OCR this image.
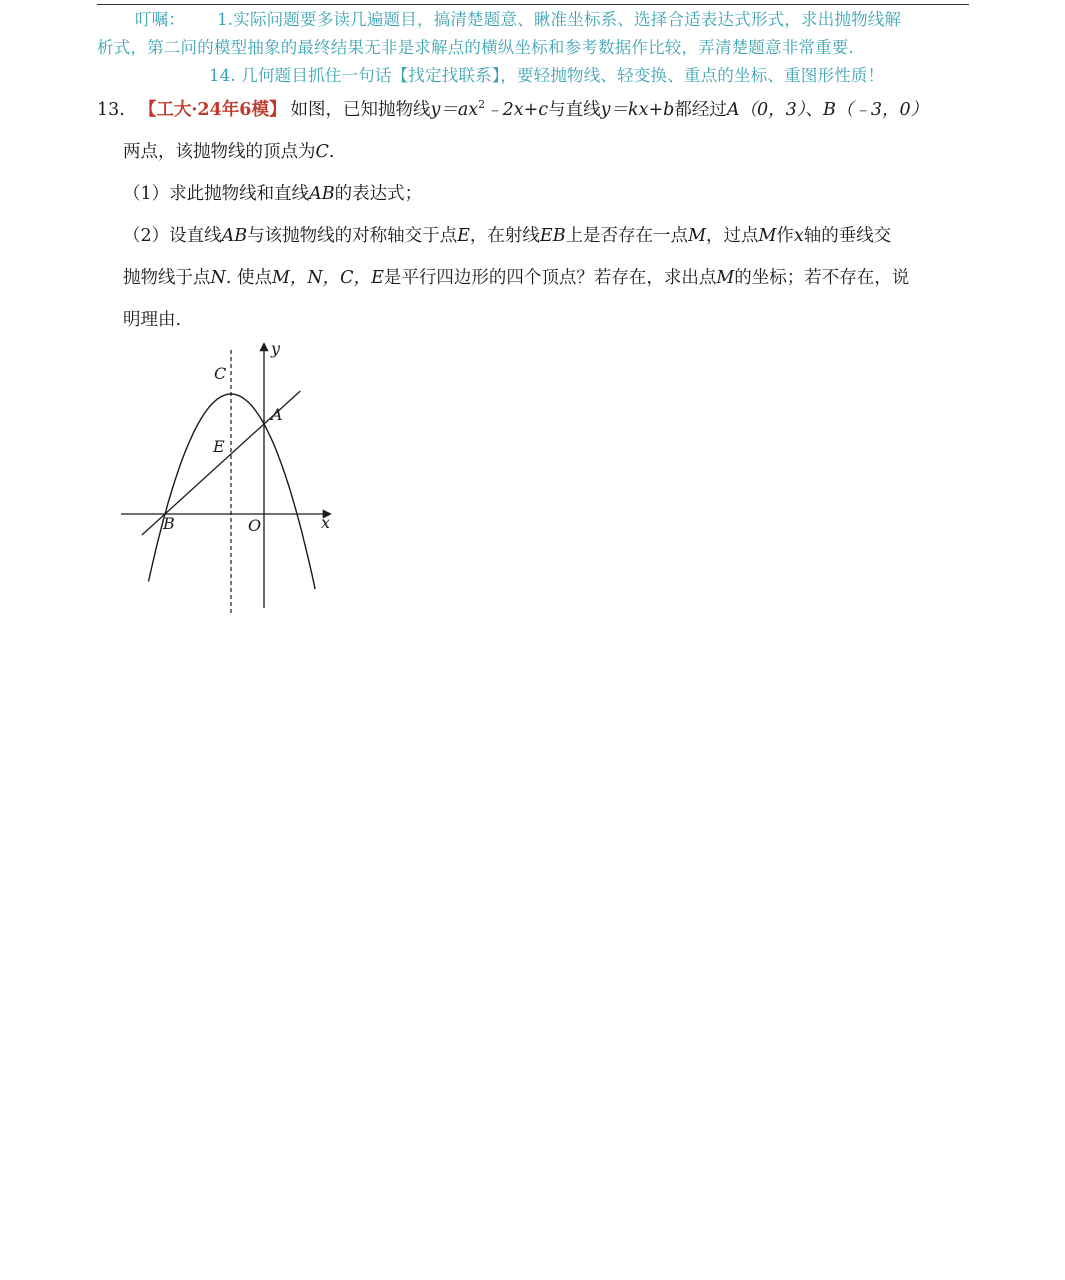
叮嘱： 1.实际问题要多读几遍题目，搞清楚题意、瞅准坐标系、选择合适表达式形式，求出抛物线解
析式，第二问的模型抽象的最终结果无非是求解点的横纵坐标和参考数据作比较，弄清楚题意非常重要.
14. 几何题目抓住一句话【找定找联系】，要轻抛物线、轻变换、重点的坐标、重图形性质！
13. 【工大·24年6模】 如图，已知抛物线$y=ax^2﹣2x+c$与直线y＝kx+b都经过A（0，3）、B（﹣3，0）
两点，该抛物线的顶点为C.
（1）求此抛物线和直线AB的表达式；
（2）设直线AB与该抛物线的对称轴交于点E，在射线EB上是否存在一点M，过点M作x轴的垂线交
抛物线于点N. 使点M，N，C，E是平行四边形的四个顶点？若存在，求出点M的坐标；若不存在，说
明理由.
y
x
C
A
E
B	O
